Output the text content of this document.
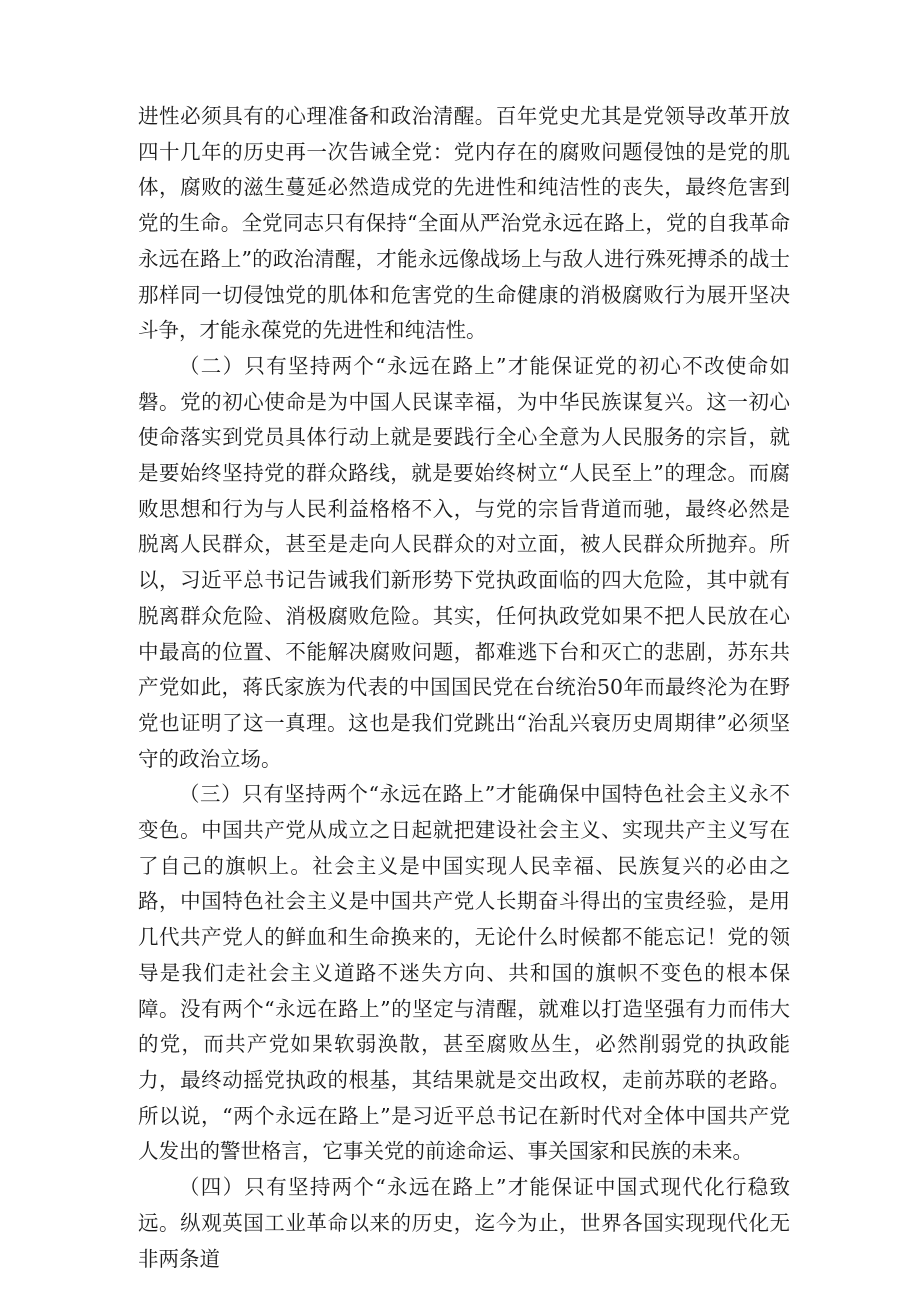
进性必须具有的心理准备和政治清醒。百年党史尤其是党领导改革开放四十几年的历史再一次告诫全党：党内存在的腐败问题侵蚀的是党的肌体，腐败的滋生蔓延必然造成党的先进性和纯洁性的丧失，最终危害到党的生命。全党同志只有保持“全面从严治党永远在路上，党的自我革命永远在路上”的政治清醒，才能永远像战场上与敌人进行殊死搏杀的战士那样同一切侵蚀党的肌体和危害党的生命健康的消极腐败行为展开坚决斗争，才能永葆党的先进性和纯洁性。

（二）只有坚持两个“永远在路上”才能保证党的初心不改使命如磐。党的初心使命是为中国人民谋幸福，为中华民族谋复兴。这一初心使命落实到党员具体行动上就是要践行全心全意为人民服务的宗旨，就是要始终坚持党的群众路线，就是要始终树立“人民至上”的理念。而腐败思想和行为与人民利益格格不入，与党的宗旨背道而驰，最终必然是脱离人民群众，甚至是走向人民群众的对立面，被人民群众所抛弃。所以，习近平总书记告诫我们新形势下党执政面临的四大危险，其中就有脱离群众危险、消极腐败危险。其实，任何执政党如果不把人民放在心中最高的位置、不能解决腐败问题，都难逃下台和灭亡的悲剧，苏东共产党如此，蒋氏家族为代表的中国国民党在台统治50年而最终沦为在野党也证明了这一真理。这也是我们党跳出“治乱兴衰历史周期律”必须坚守的政治立场。

（三）只有坚持两个“永远在路上”才能确保中国特色社会主义永不变色。中国共产党从成立之日起就把建设社会主义、实现共产主义写在了自己的旗帜上。社会主义是中国实现人民幸福、民族复兴的必由之路，中国特色社会主义是中国共产党人长期奋斗得出的宝贵经验，是用几代共产党人的鲜血和生命换来的，无论什么时候都不能忘记！党的领导是我们走社会主义道路不迷失方向、共和国的旗帜不变色的根本保障。没有两个“永远在路上”的坚定与清醒，就难以打造坚强有力而伟大的党，而共产党如果软弱涣散，甚至腐败丛生，必然削弱党的执政能力，最终动摇党执政的根基，其结果就是交出政权，走前苏联的老路。所以说，“两个永远在路上”是习近平总书记在新时代对全体中国共产党人发出的警世格言，它事关党的前途命运、事关国家和民族的未来。

（四）只有坚持两个“永远在路上”才能保证中国式现代化行稳致远。纵观英国工业革命以来的历史，迄今为止，世界各国实现现代化无非两条道
